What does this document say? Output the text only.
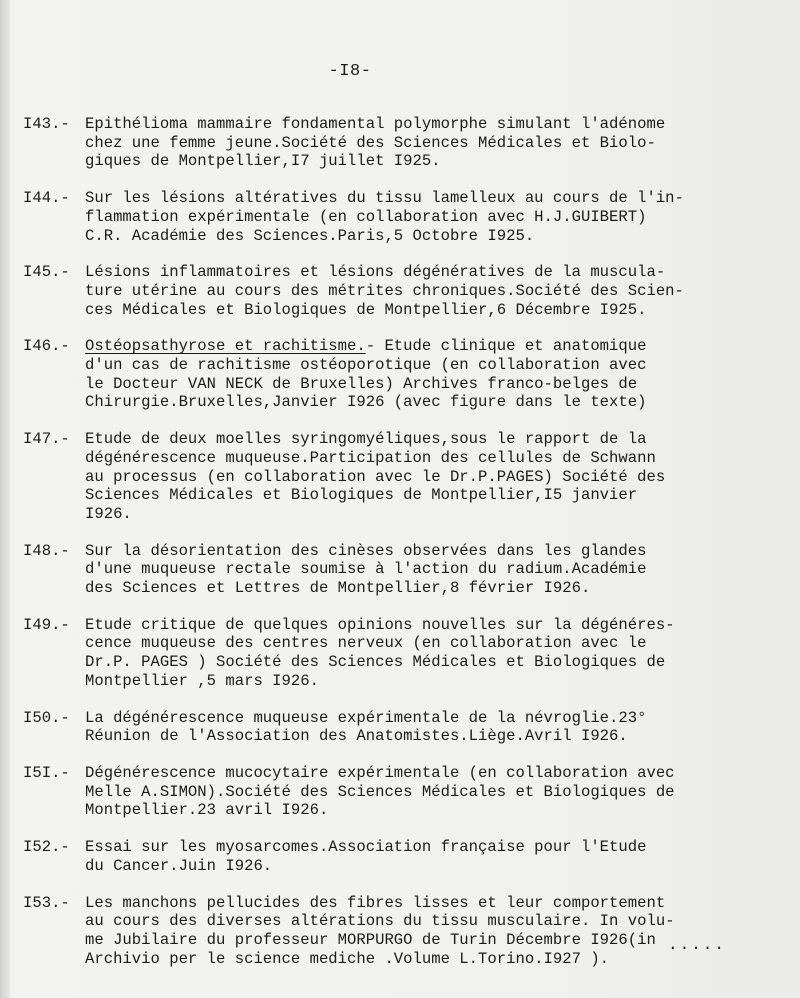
-I8-
I43.- Epithélioma mammaire fondamental polymorphe simulant l'adénome
chez une femme jeune.Société des Sciences Médicales et Biolo-
giques de Montpellier,I7 juillet I925.
I44.- Sur les lésions altératives du tissu lamelleux au cours de l'in-
flammation expérimentale (en collaboration avec H.J.GUIBERT)
C.R. Académie des Sciences.Paris,5 Octobre I925.
I45.- Lésions inflammatoires et lésions dégénératives de la muscula-
ture utérine au cours des métrites chroniques.Société des Scien-
ces Médicales et Biologiques de Montpellier,6 Décembre I925.
I46.- Ostéopsathyrose et rachitisme.- Etude clinique et anatomique
d'un cas de rachitisme ostéoporotique (en collaboration avec
le Docteur VAN NECK de Bruxelles) Archives franco-belges de
Chirurgie.Bruxelles,Janvier I926 (avec figure dans le texte)
I47.- Etude de deux moelles syringomyéliques,sous le rapport de la
dégénérescence muqueuse.Participation des cellules de Schwann
au processus (en collaboration avec le Dr.P.PAGES) Société des
Sciences Médicales et Biologiques de Montpellier,I5 janvier
I926.
I48.- Sur la désorientation des cinèses observées dans les glandes
d'une muqueuse rectale soumise à l'action du radium.Académie
des Sciences et Lettres de Montpellier,8 février I926.
I49.- Etude critique de quelques opinions nouvelles sur la dégénéres-
cence muqueuse des centres nerveux (en collaboration avec le
Dr.P. PAGES ) Société des Sciences Médicales et Biologiques de
Montpellier ,5 mars I926.
I50.- La dégénérescence muqueuse expérimentale de la névroglie.23°
Réunion de l'Association des Anatomistes.Liège.Avril I926.
I5I.- Dégénérescence mucocytaire expérimentale (en collaboration avec
Melle A.SIMON).Société des Sciences Médicales et Biologiques de
Montpellier.23 avril I926.
I52.- Essai sur les myosarcomes.Association française pour l'Etude
du Cancer.Juin I926.
I53.- Les manchons pellucides des fibres lisses et leur comportement
au cours des diverses altérations du tissu musculaire. In volu-
me Jubilaire du professeur MORPURGO de Turin Décembre I926(in
Archivio per le science mediche .Volume L.Torino.I927 ).
.....
